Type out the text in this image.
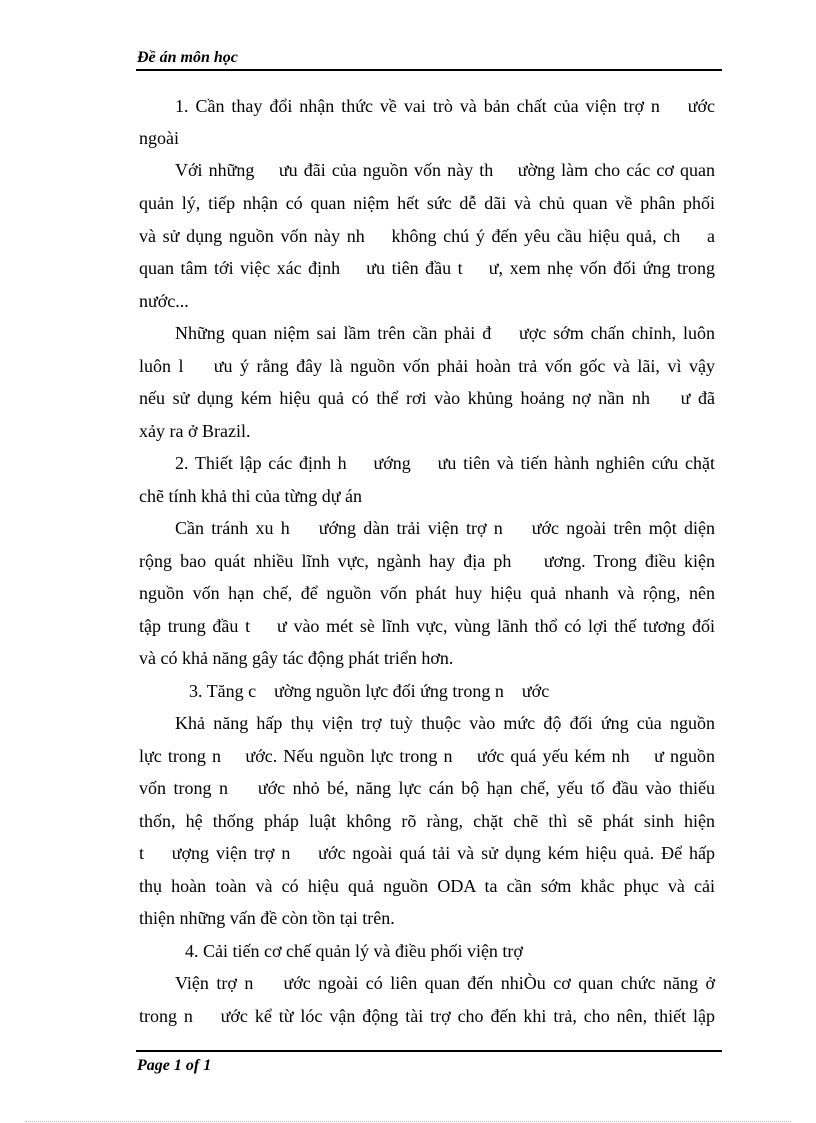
Đề án môn học
1. Cần thay đổi nhận thức về vai trò và bản chất của viện trợ n    ước
ngoài
Với những    ưu đãi của nguồn vốn này th    ường làm cho các cơ quan
quản lý, tiếp nhận có quan niệm hết sức dễ dãi và chủ quan về phân phối
và sử dụng nguồn vốn này nh    không chú ý đến yêu cầu hiệu quả, ch    a
quan tâm tới việc xác định    ưu tiên đầu t    ư, xem nhẹ vốn đối ứng trong
nước...
Những quan niệm sai lầm trên cần phải đ    ược sớm chấn chỉnh, luôn
luôn l    ưu ý rằng đây là nguồn vốn phải hoàn trả vốn gốc và lãi, vì vậy
nếu sử dụng kém hiệu quả có thể rơi vào khủng hoảng nợ nần nh    ư đã
xảy ra ở Brazil.
2. Thiết lập các định h    ướng    ưu tiên và tiến hành nghiên cứu chặt
chẽ tính khả thi của từng dự án
Cần tránh xu h    ướng dàn trải viện trợ n    ước ngoài trên một diện
rộng bao quát nhiều lĩnh vực, ngành hay địa ph    ương. Trong điều kiện
nguồn vốn hạn chế, để nguồn vốn phát huy hiệu quả nhanh và rộng, nên
tập trung đầu t    ư vào mét sè lĩnh vực, vùng lãnh thổ có lợi thế tương đối
và có khả năng gây tác động phát triển hơn.
3. Tăng c    ường nguồn lực đối ứng trong n    ước
Khả năng hấp thụ viện trợ tuỳ thuộc vào mức độ đối ứng của nguồn
lực trong n    ước. Nếu nguồn lực trong n    ước quá yếu kém nh    ư nguồn
vốn trong n    ước nhỏ bé, năng lực cán bộ hạn chế, yếu tố đầu vào thiếu
thốn, hệ thống pháp luật không rõ ràng, chặt chẽ thì sẽ phát sinh hiện
t    ượng viện trợ n    ước ngoài quá tải và sử dụng kém hiệu quả. Để hấp
thụ hoàn toàn và có hiệu quả nguồn ODA ta cần sớm khắc phục và cải
thiện những vấn đề còn tồn tại trên.
4. Cải tiến cơ chế quản lý và điều phối viện trợ
Viện trợ n    ước ngoài có liên quan đến nhiÒu cơ quan chức năng ở
trong n    ước kể từ lóc vận động tài trợ cho đến khi trả, cho nên, thiết lập
Page 1 of 1
